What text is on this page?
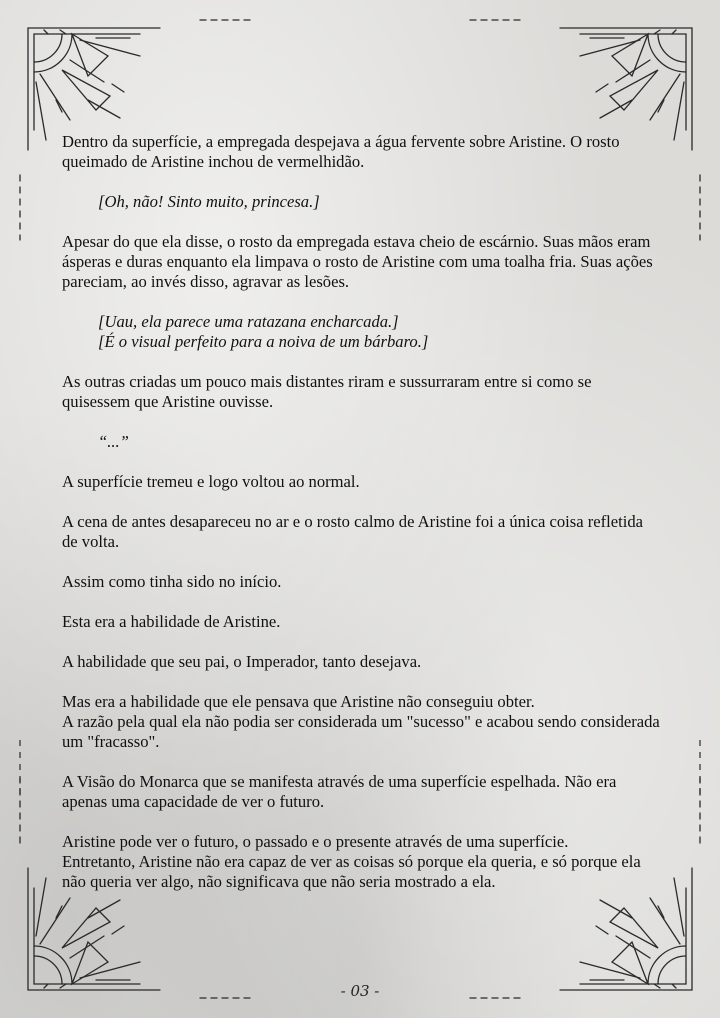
Dentro da superfície, a empregada despejava a água fervente sobre Aristine. O rosto queimado de Aristine inchou de vermelhidão.

[Oh, não! Sinto muito, princesa.]

Apesar do que ela disse, o rosto da empregada estava cheio de escárnio. Suas mãos eram ásperas e duras enquanto ela limpava o rosto de Aristine com uma toalha fria. Suas ações pareciam, ao invés disso, agravar as lesões.

[Uau, ela parece uma ratazana encharcada.]
[É o visual perfeito para a noiva de um bárbaro.]

As outras criadas um pouco mais distantes riram e sussurraram entre si como se quisessem que Aristine ouvisse.

“...”

A superfície tremeu e logo voltou ao normal.

A cena de antes desapareceu no ar e o rosto calmo de Aristine foi a única coisa refletida de volta.

Assim como tinha sido no início.

Esta era a habilidade de Aristine.

A habilidade que seu pai, o Imperador, tanto desejava.

Mas era a habilidade que ele pensava que Aristine não conseguiu obter.
A razão pela qual ela não podia ser considerada um "sucesso" e acabou sendo considerada um "fracasso".

A Visão do Monarca que se manifesta através de uma superfície espelhada. Não era apenas uma capacidade de ver o futuro.

Aristine pode ver o futuro, o passado e o presente através de uma superfície.
Entretanto, Aristine não era capaz de ver as coisas só porque ela queria, e só porque ela não queria ver algo, não significava que não seria mostrado a ela.

- 03 -
